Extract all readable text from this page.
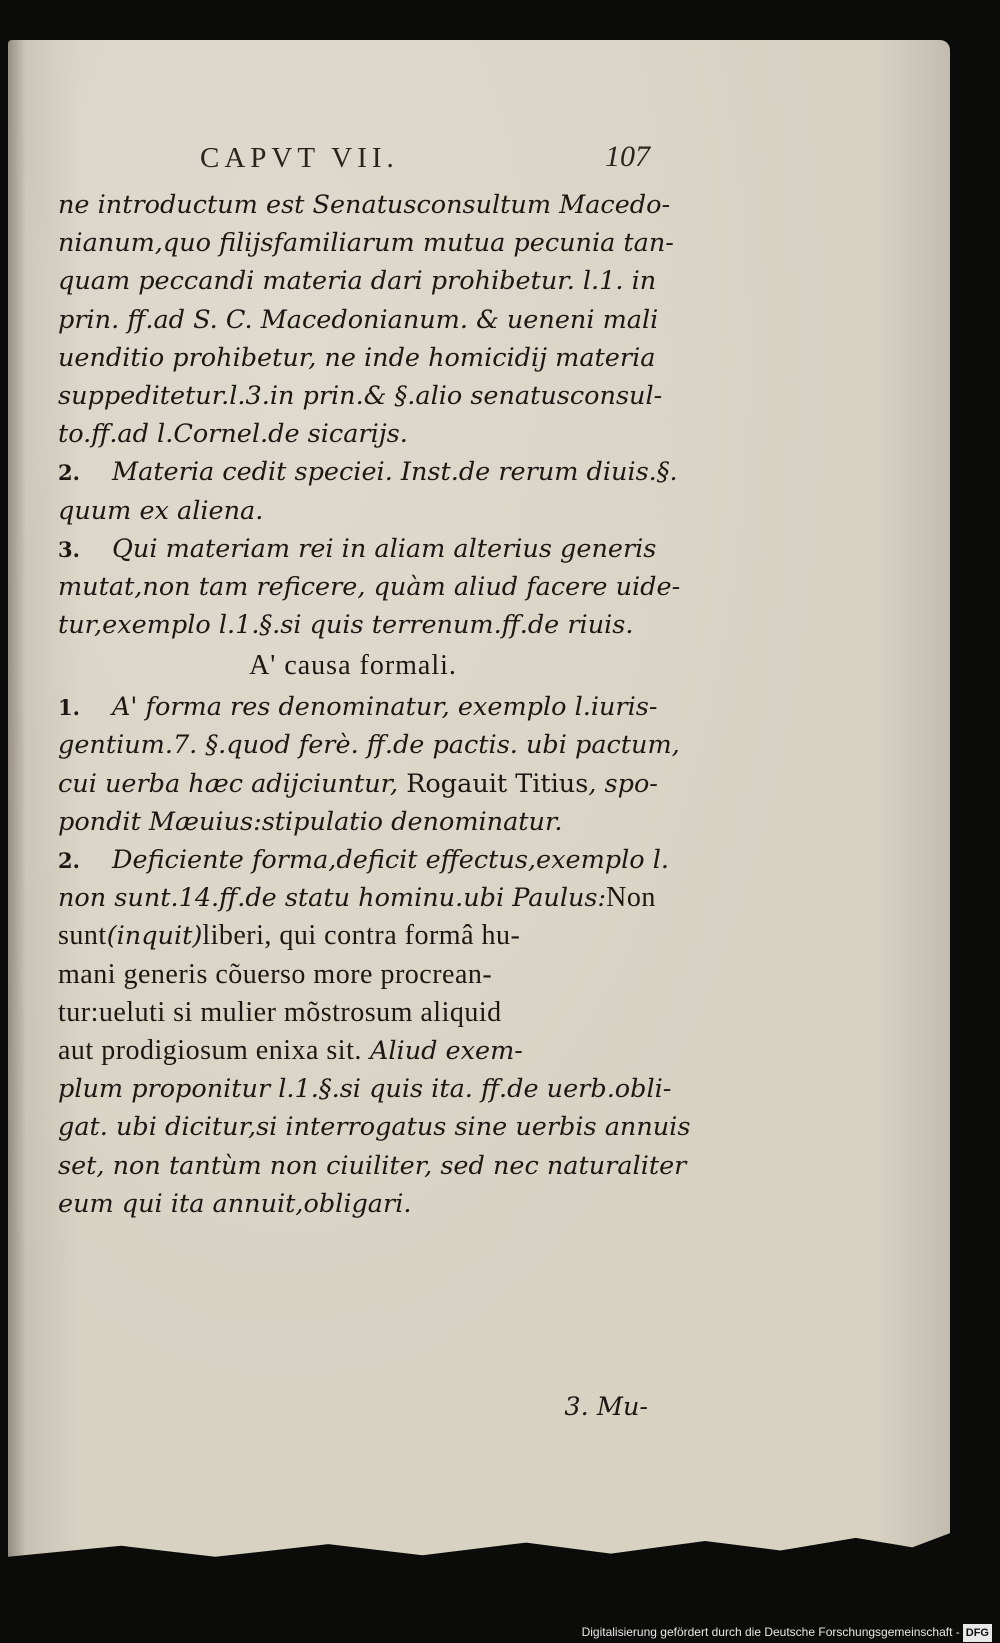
CAPVT VII.	107
ne introductum est Senatusconsultum Macedo-
nianum,quo filijsfamiliarum mutua pecunia tan-
quam peccandi materia dari prohibetur. l.1. in
prin. ff.ad S. C. Macedonianum. & ueneni mali
uenditio prohibetur, ne inde homicidij materia
suppeditetur.l.3.in prin.& §.alio senatusconsul-
to.ff.ad l.Cornel.de sicarijs.
2. Materia cedit speciei. Inst.de rerum diuis.§.
quum ex aliena.
3. Qui materiam rei in aliam alterius generis
mutat,non tam reficere, quàm aliud facere uide-
tur,exemplo l.1.§.si quis terrenum.ff.de riuis.
A' causa formali.
1. A' forma res denominatur, exemplo l.iuris-
gentium.7. §.quod ferè. ff.de pactis. ubi pactum,
cui uerba hæc adijciuntur, Rogauit Titius, spo-
pondit Mæuius:stipulatio denominatur.
2. Deficiente forma,deficit effectus,exemplo l.
non sunt.14.ff.de statu hominu.ubi Paulus:Non
sunt(inquit)liberi, qui contra formâ hu-
mani generis cõuerso more procrean-
tur:ueluti si mulier mõstrosum aliquid
aut prodigiosum enixa sit. Aliud exem-
plum proponitur l.1.§.si quis ita. ff.de uerb.obli-
gat. ubi dicitur,si interrogatus sine uerbis annuis
set, non tantùm non ciuiliter, sed nec naturaliter
eum qui ita annuit,obligari.
3. Mu-
Digitalisierung gefördert durch die Deutsche Forschungsgemeinschaft - DFG
